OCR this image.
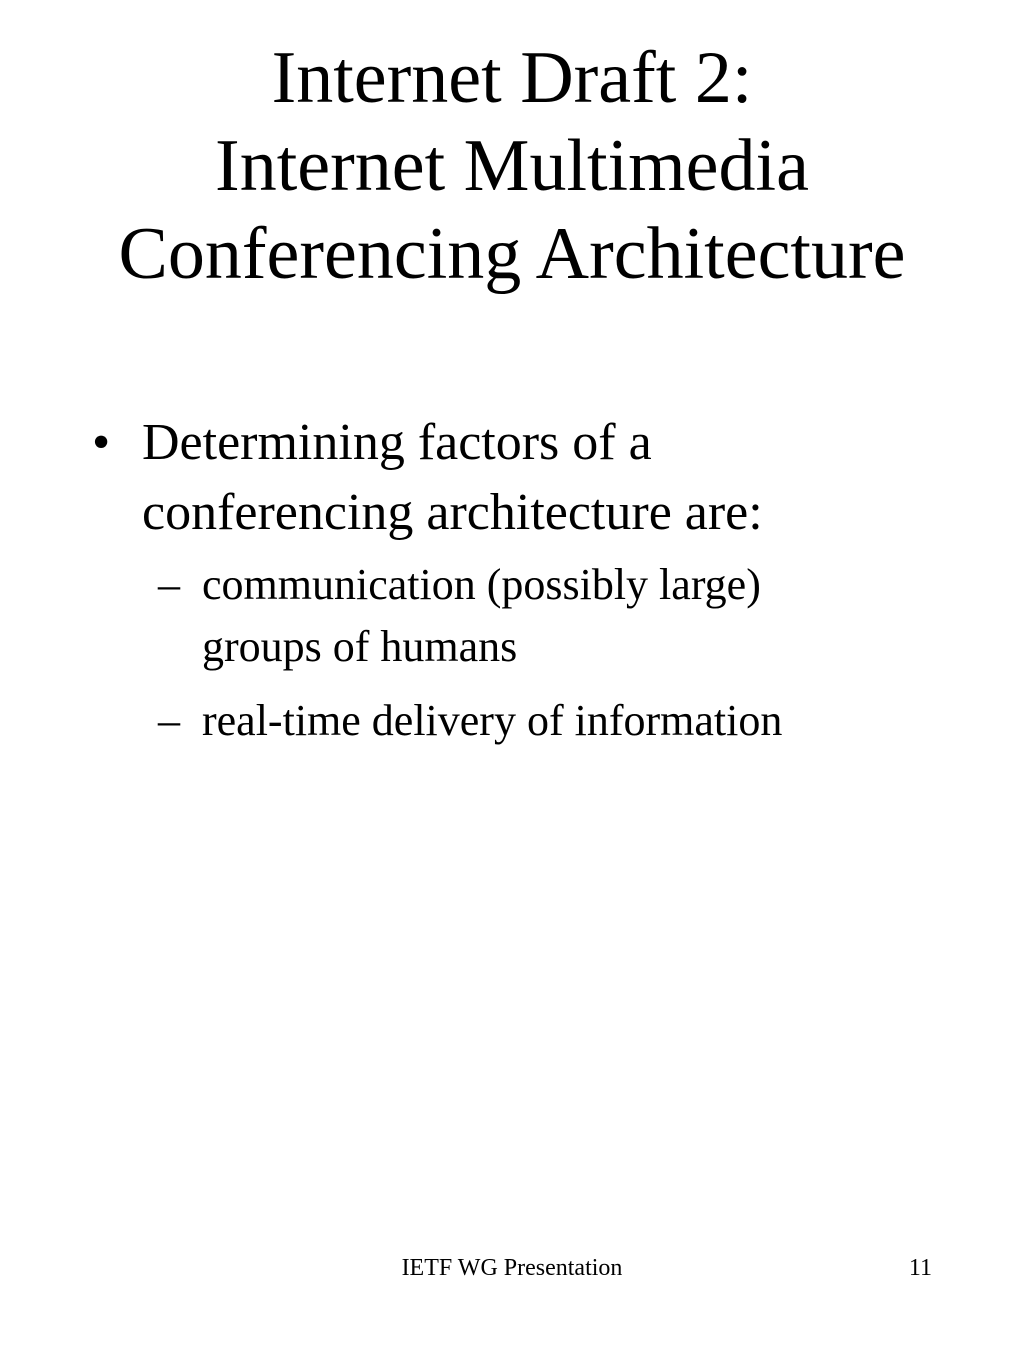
Internet Draft 2:
Internet Multimedia
Conferencing Architecture
• Determining factors of a
conferencing architecture are:
– communication (possibly large)
groups of humans
– real-time delivery of information
IETF WG Presentation	11
